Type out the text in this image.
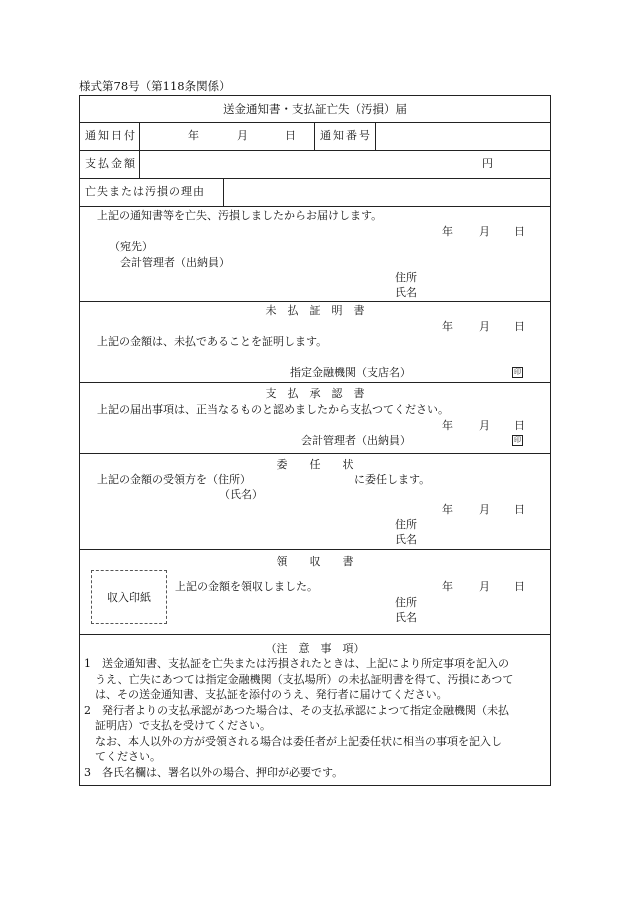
様式第78号（第118条関係）
送金通知書・支払証亡失（汚損）届
通知日付	年	月	日 通知番号
支払金額	円
亡失または汚損の理由
上記の通知書等を亡失、汚損しましたからお届けします。
年 月 日
（宛先）
会計管理者（出納員）
住所
氏名
未　払　証　明　書
年 月 日
上記の金額は、未払であることを証明します。
指定金融機関（支店名）	印
支　払　承　認　書
上記の届出事項は、正当なるものと認めましたから支払つてください。
年 月 日
会計管理者（出納員）	印
委　　任　　状
上記の金額の受領方を（住所）	に委任します。
（氏名）
年 月 日
住所
氏名
領　　収　　書
収入印紙
上記の金額を領収しました。	年 月 日
住所
氏名
（注　意　事　項）
1　送金通知書、支払証を亡失または汚損されたときは、上記により所定事項を記入の
　うえ、亡失にあつては指定金融機関（支払場所）の未払証明書を得て、汚損にあつて
　は、その送金通知書、支払証を添付のうえ、発行者に届けてください。
2　発行者よりの支払承認があつた場合は、その支払承認によつて指定金融機関（未払
　証明店）で支払を受けてください。
　なお、本人以外の方が受領される場合は委任者が上記委任状に相当の事項を記入し
　てください。
3　各氏名欄は、署名以外の場合、押印が必要です。
